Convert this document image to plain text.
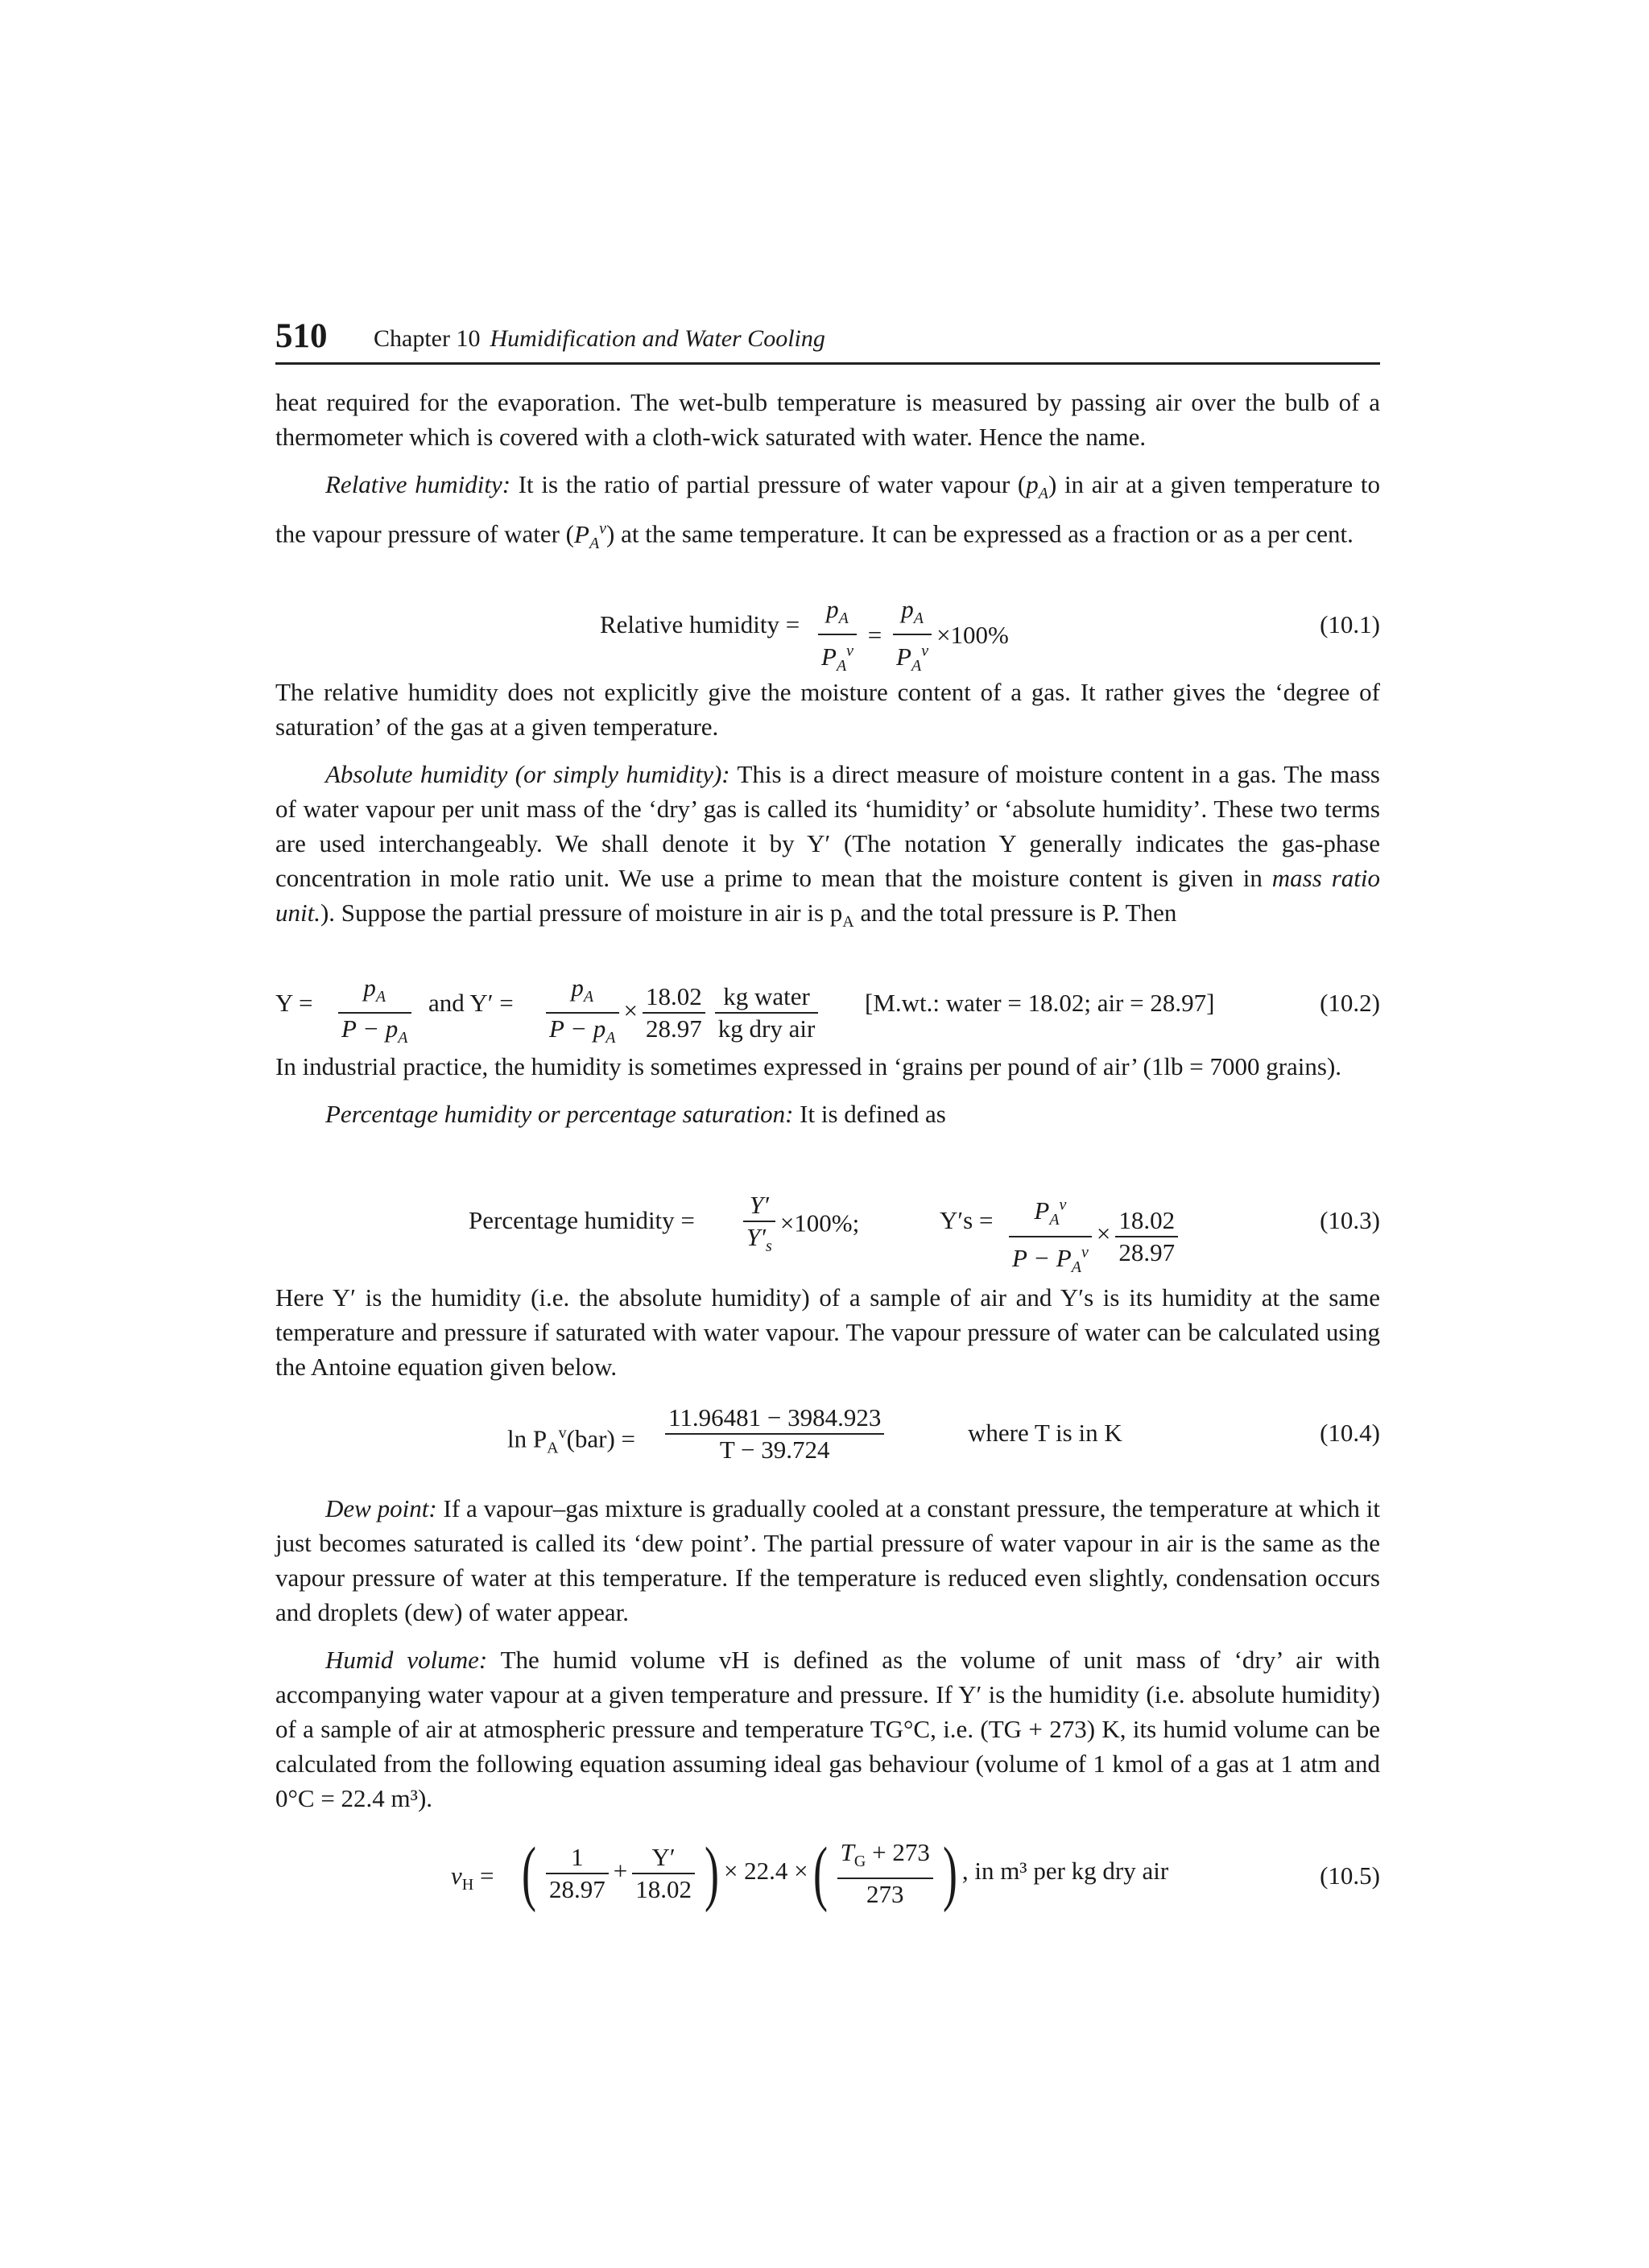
510 Chapter 10 Humidification and Water Cooling

heat required for the evaporation. The wet-bulb temperature is measured by passing air over the bulb of a thermometer which is covered with a cloth-wick saturated with water. Hence the name.

Relative humidity: It is the ratio of partial pressure of water vapour $(p_A)$ in air at a given temperature to the vapour pressure of water $(P_A^v)$ at the same temperature. It can be expressed as a fraction or as a per cent.

Relative humidity = $\frac{p_A}{P_A^v} = \frac{p_A}{P_A^v} \times 100\%$	(10.1)

The relative humidity does not explicitly give the moisture content of a gas. It rather gives the ‘degree of saturation’ of the gas at a given temperature.

Absolute humidity (or simply humidity): This is a direct measure of moisture content in a gas. The mass of water vapour per unit mass of the ‘dry’ gas is called its ‘humidity’ or ‘absolute humidity’. These two terms are used interchangeably. We shall denote it by Y′ (The notation Y generally indicates the gas-phase concentration in mole ratio unit. We use a prime to mean that the moisture content is given in mass ratio unit.). Suppose the partial pressure of moisture in air is $p_A$ and the total pressure is P. Then

$Y = \frac{p_A}{P - p_A}$ and $Y' = \frac{p_A}{P - p_A} \times \frac{18.02}{28.97} \frac{\text{kg water}}{\text{kg dry air}} [M.wt$.: water = 18.02; air = 28.97]	(10.2)

In industrial practice, the humidity is sometimes expressed in ‘grains per pound of air’ (1lb = 7000 grains).

Percentage humidity or percentage saturation: It is defined as

Percentage humidity = $\frac{Y'}{Y'_s} \times 100\%$;	$Y's = \frac{P_A^v}{P - P_A^v} \times \frac{18.02}{28.97}$	(10.3)

Here Y′ is the humidity (i.e. the absolute humidity) of a sample of air and Y′s is its humidity at the same temperature and pressure if saturated with water vapour. The vapour pressure of water can be calculated using the Antoine equation given below.

$\ln P_A^v(bar) = \frac{11.96481 - 3984.923}{T - 39.724}$	where T is in K	(10.4)

Dew point: If a vapour–gas mixture is gradually cooled at a constant pressure, the temperature at which it just becomes saturated is called its ‘dew point’. The partial pressure of water vapour in air is the same as the vapour pressure of water at this temperature. If the temperature is reduced even slightly, condensation occurs and droplets (dew) of water appear.

Humid volume: The humid volume vH is defined as the volume of unit mass of ‘dry’ air with accompanying water vapour at a given temperature and pressure. If Y′ is the humidity (i.e. absolute humidity) of a sample of air at atmospheric pressure and temperature TG°C, i.e. (TG + 273) K, its humid volume can be calculated from the following equation assuming ideal gas behaviour (volume of 1 kmol of a gas at 1 atm and 0°C = 22.4 m³).

$v_H$ = ( $\frac{1}{28.97} + \frac{Y'}{18.02}$ ) × 22.4 ×( $\frac{T_G + 273}{273}$ ) , in m³ per kg dry air	(10.5)
